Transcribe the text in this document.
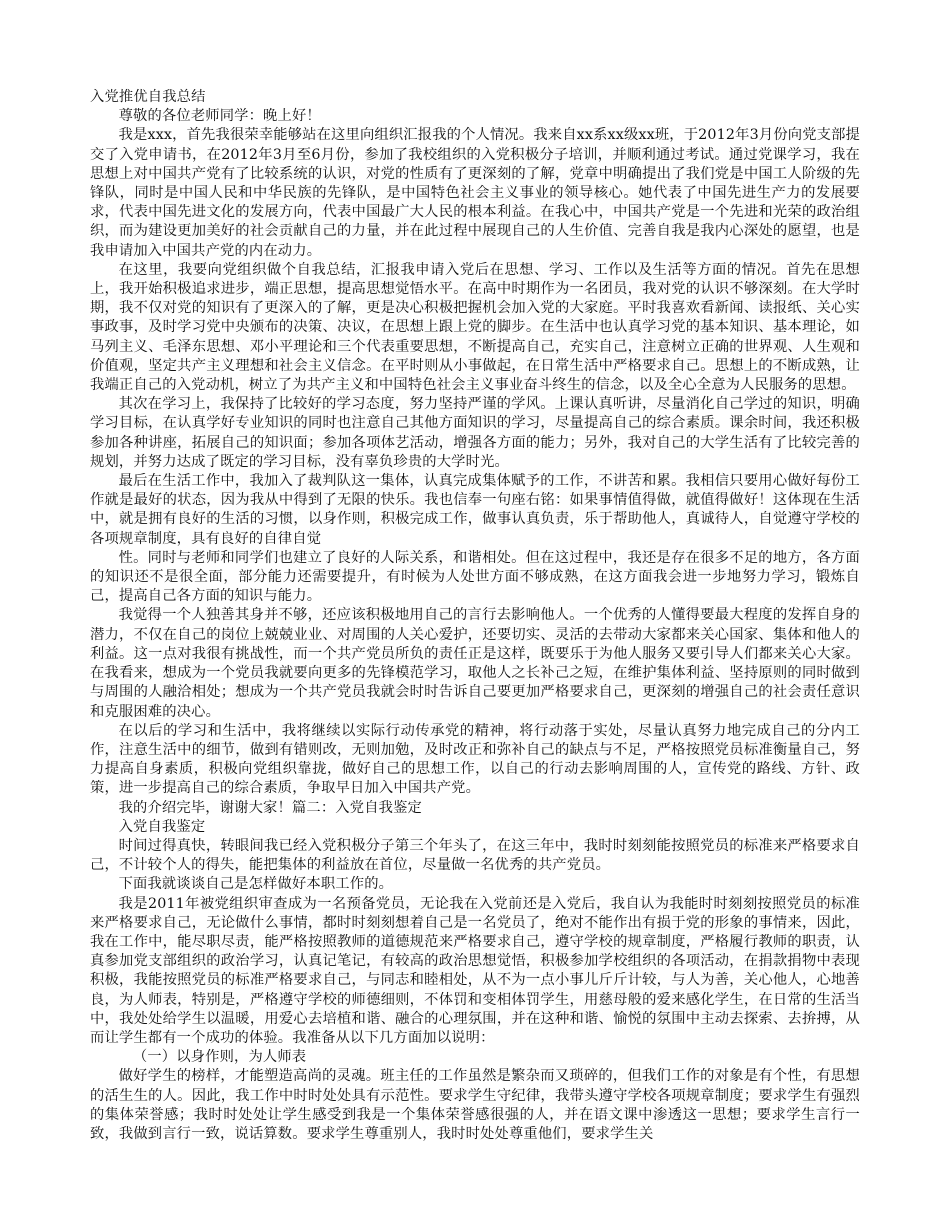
入党推优自我总结

尊敬的各位老师同学：晚上好！

我是xxx，首先我很荣幸能够站在这里向组织汇报我的个人情况。我来自xx系xx级xx班，于2012年3月份向党支部提交了入党申请书，在2012年3月至6月份，参加了我校组织的入党积极分子培训，并顺利通过考试。通过党课学习，我在思想上对中国共产党有了比较系统的认识，对党的性质有了更深刻的了解，党章中明确提出了我们党是中国工人阶级的先锋队，同时是中国人民和中华民族的先锋队，是中国特色社会主义事业的领导核心。她代表了中国先进生产力的发展要求，代表中国先进文化的发展方向，代表中国最广大人民的根本利益。在我心中，中国共产党是一个先进和光荣的政治组织，而为建设更加美好的社会贡献自己的力量，并在此过程中展现自己的人生价值、完善自我是我内心深处的愿望，也是我申请加入中国共产党的内在动力。

在这里，我要向党组织做个自我总结，汇报我申请入党后在思想、学习、工作以及生活等方面的情况。首先在思想上，我开始积极追求进步，端正思想，提高思想觉悟水平。在高中时期作为一名团员，我对党的认识不够深刻。在大学时期，我不仅对党的知识有了更深入的了解，更是决心积极把握机会加入党的大家庭。平时我喜欢看新闻、读报纸、关心实事政事，及时学习党中央颁布的决策、决议，在思想上跟上党的脚步。在生活中也认真学习党的基本知识、基本理论，如马列主义、毛泽东思想、邓小平理论和三个代表重要思想，不断提高自己，充实自己，注意树立正确的世界观、人生观和价值观，坚定共产主义理想和社会主义信念。在平时则从小事做起，在日常生活中严格要求自己。思想上的不断成熟，让我端正自己的入党动机，树立了为共产主义和中国特色社会主义事业奋斗终生的信念，以及全心全意为人民服务的思想。

其次在学习上，我保持了比较好的学习态度，努力坚持严谨的学风。上课认真听讲，尽量消化自己学过的知识，明确学习目标，在认真学好专业知识的同时也注意自己其他方面知识的学习，尽量提高自己的综合素质。课余时间，我还积极参加各种讲座，拓展自己的知识面；参加各项体艺活动，增强各方面的能力；另外，我对自己的大学生活有了比较完善的规划，并努力达成了既定的学习目标，没有辜负珍贵的大学时光。

最后在生活工作中，我加入了裁判队这一集体，认真完成集体赋予的工作，不讲苦和累。我相信只要用心做好每份工作就是最好的状态，因为我从中得到了无限的快乐。我也信奉一句座右铭：如果事情值得做，就值得做好！这体现在生活中，就是拥有良好的生活的习惯，以身作则，积极完成工作，做事认真负责，乐于帮助他人，真诚待人，自觉遵守学校的各项规章制度，具有良好的自律自觉

性。同时与老师和同学们也建立了良好的人际关系，和谐相处。但在这过程中，我还是存在很多不足的地方，各方面的知识还不是很全面，部分能力还需要提升，有时候为人处世方面不够成熟，在这方面我会进一步地努力学习，锻炼自己，提高自己各方面的知识与能力。

我觉得一个人独善其身并不够，还应该积极地用自己的言行去影响他人。一个优秀的人懂得要最大程度的发挥自身的潜力，不仅在自己的岗位上兢兢业业、对周围的人关心爱护，还要切实、灵活的去带动大家都来关心国家、集体和他人的利益。这一点对我很有挑战性，而一个共产党员所负的责任正是这样，既要乐于为他人服务又要引导人们都来关心大家。在我看来，想成为一个党员我就要向更多的先锋模范学习，取他人之长补己之短，在维护集体利益、坚持原则的同时做到与周围的人融洽相处；想成为一个共产党员我就会时时告诉自己要更加严格要求自己，更深刻的增强自己的社会责任意识和克服困难的决心。

在以后的学习和生活中，我将继续以实际行动传承党的精神，将行动落于实处，尽量认真努力地完成自己的分内工作，注意生活中的细节，做到有错则改，无则加勉，及时改正和弥补自己的缺点与不足，严格按照党员标准衡量自己，努力提高自身素质，积极向党组织靠拢，做好自己的思想工作，以自己的行动去影响周围的人，宣传党的路线、方针、政策，进一步提高自己的综合素质，争取早日加入中国共产党。

我的介绍完毕，谢谢大家！篇二：入党自我鉴定

入党自我鉴定

时间过得真快，转眼间我已经入党积极分子第三个年头了，在这三年中，我时时刻刻能按照党员的标准来严格要求自己，不计较个人的得失，能把集体的利益放在首位，尽量做一名优秀的共产党员。

下面我就谈谈自己是怎样做好本职工作的。

我是2011年被党组织审查成为一名预备党员，无论我在入党前还是入党后，我自认为我能时时刻刻按照党员的标准来严格要求自己，无论做什么事情，都时时刻刻想着自己是一名党员了，绝对不能作出有损于党的形象的事情来，因此，我在工作中，能尽职尽责，能严格按照教师的道德规范来严格要求自己，遵守学校的规章制度，严格履行教师的职责，认真参加党支部组织的政治学习，认真记笔记，有较高的政治思想觉悟，积极参加学校组织的各项活动，在捐款捐物中表现积极，我能按照党员的标准严格要求自己，与同志和睦相处，从不为一点小事儿斤斤计较，与人为善，关心他人，心地善良，为人师表，特别是，严格遵守学校的师德细则，不体罚和变相体罚学生，用慈母般的爱来感化学生，在日常的生活当中，我处处给学生以温暖，用爱心去培植和谐、融合的心理氛围，并在这种和谐、愉悦的氛围中主动去探索、去拚搏，从而让学生都有一个成功的体验。我准备从以下几方面加以说明：

（一）以身作则，为人师表

做好学生的榜样，才能塑造高尚的灵魂。班主任的工作虽然是繁杂而又琐碎的，但我们工作的对象是有个性，有思想的活生生的人。因此，我工作中时时处处具有示范性。要求学生守纪律，我带头遵守学校各项规章制度；要求学生有强烈的集体荣誉感；我时时处处让学生感受到我是一个集体荣誉感很强的人，并在语文课中渗透这一思想；要求学生言行一致，我做到言行一致，说话算数。要求学生尊重别人，我时时处处尊重他们，要求学生关
